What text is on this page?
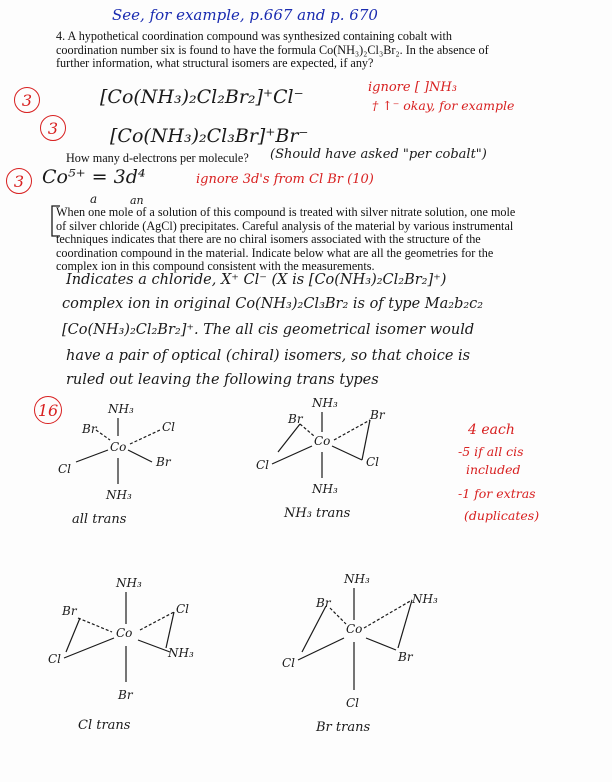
See, for example, p.667 and p. 670

4. A hypothetical coordination compound was synthesized containing cobalt with

coordination number six is found to have the formula Co(NH₃)₂Cl₃Br₂. In the absence of

further information, what structural isomers are expected, if any?

3
3
3
16
[Co(NH₃)₂Cl₂Br₂]⁺Cl⁻
[Co(NH₃)₂Cl₃Br]⁺Br⁻
ignore [ ]NH₃
† ↑⁻ okay, for example
How many d-electrons per molecule? (Should have asked "per cobalt")
Co⁵⁺ = 3d⁴	ignore 3d's from Cl Br (10)
a	an

When one mole of a solution of this compound is treated with silver nitrate solution, one mole

of silver chloride (AgCl) precipitates. Careful analysis of the material by various instrumental

techniques indicates that there are no chiral isomers associated with the structure of the

coordination compound in the material. Indicate below what are all the geometries for the

complex ion in this compound consistent with the measurements.

Indicates a chloride, X⁺ Cl⁻ (X is [Co(NH₃)₂Cl₂Br₂]⁺)
complex ion in original Co(NH₃)₂Cl₃Br₂ is of type Ma₂b₂c₂
[Co(NH₃)₂Cl₂Br₂]⁺. The all cis geometrical isomer would
have a pair of optical (chiral) isomers, so that choice is
ruled out leaving the following trans types
4 each
-5 if all cis
included
-1 for extras
(duplicates)
NH₃
Br	Cl
Co
Cl	Br
NH₃
all trans
NH₃
Br	Br
Co
Cl	Cl
NH₃
NH₃ trans
NH₃
Br	Cl
Co
Cl	NH₃
Br
Cl trans
NH₃
Br	NH₃
Co
Cl	Br
Cl
Br trans
